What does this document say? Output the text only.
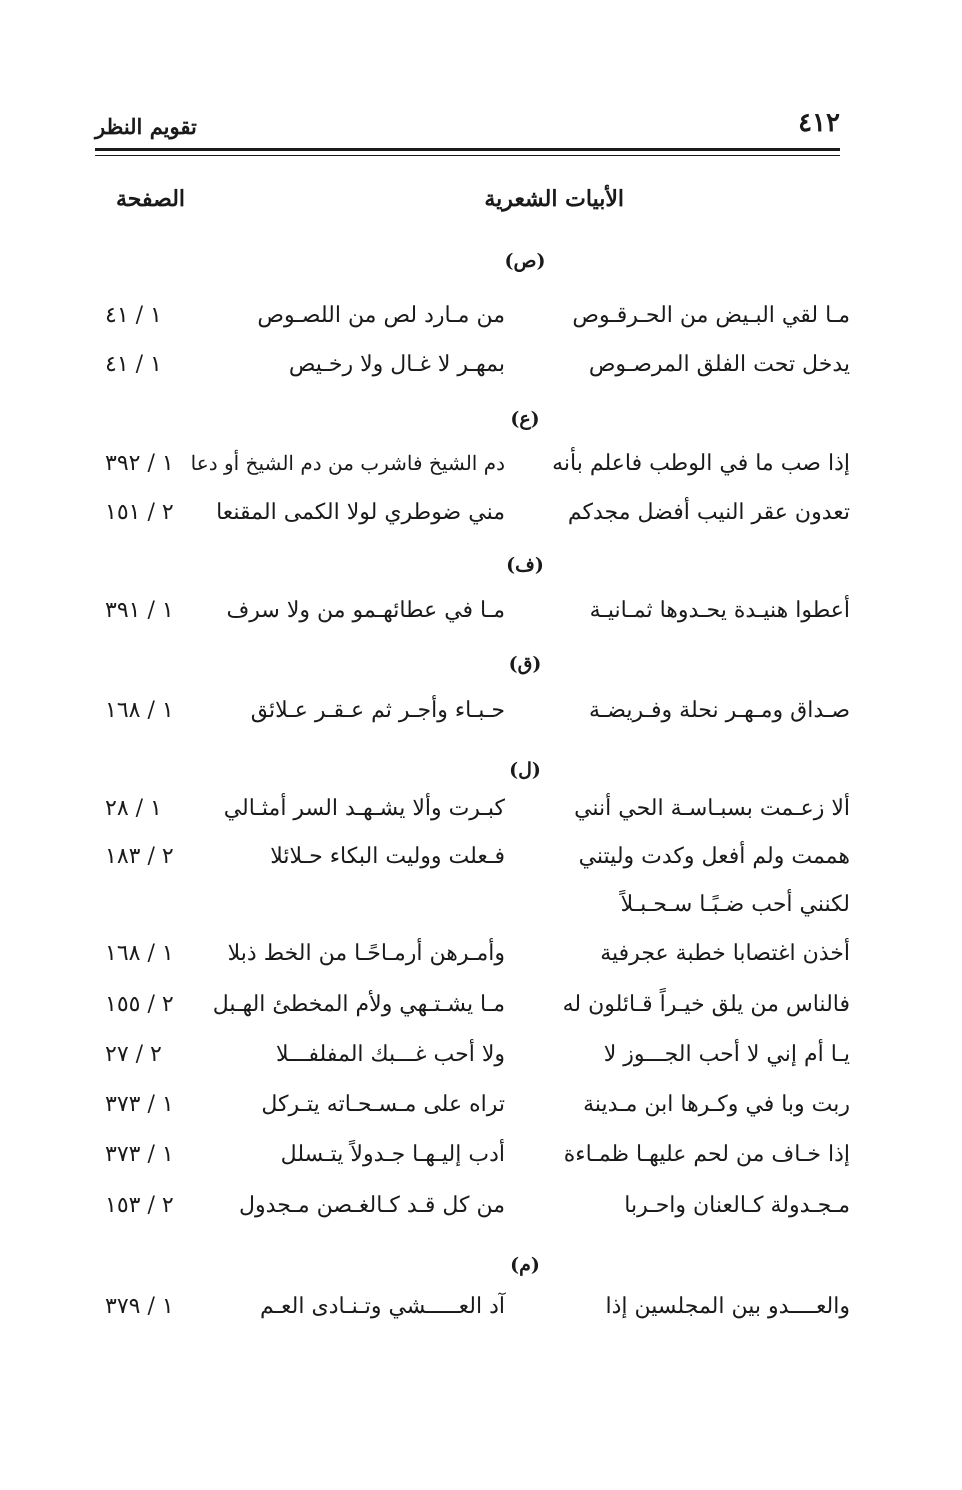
٤١٢
تقويم النظر
الأبيات الشعرية
الصفحة
(ص)
مـا لقي البـيض من الحـرقـوص
من مـارد لص من اللصـوص
١ / ٤١
يدخل تحت الفلق المرصـوص
بمهـر لا غـال ولا رخـيص
١ / ٤١
(ع)
إذا صب ما في الوطب فاعلم بأنه
دم الشيخ فاشرب من دم الشيخ أو دعا
١ / ٣٩٢
تعدون عقر النيب أفضل مجدكم
مني ضوطري لولا الكمى المقنعا
٢ / ١٥١
(ف)
أعطوا هنيـدة يحـدوها ثمـانيـة
مـا في عطائهـمو من ولا سرف
١ / ٣٩١
(ق)
صـداق ومـهـر نحلة وفـريضـة
حـبـاء وأجـر ثم عـقـر عـلائق
١ / ١٦٨
(ل)
ألا زعـمت بسبـاسـة الحي أنني
كبـرت وألا يشـهـد السر أمثـالي
١ / ٢٨
هممت ولم أفعل وكدت وليتني
فـعلت ووليت البكاء حـلائلا
٢ / ١٨٣
لكنني أحب ضـبًـا سـحـبـلاً
أخذن اغتصابا خطبة عجرفية
وأمـرهن أرمـاحًـا من الخط ذبلا
١ / ١٦٨
فالناس من يلق خيـراً قـائلون له
مـا يشـتـهي ولأم المخطئ الهـبل
٢ / ١٥٥
يـا أم إني لا أحب الجـــوز لا
ولا أحب غـــبك المفلفـــلا
٢ / ٢٧
ربت وبا في وكـرها ابن مـدينة
تراه على مـسـحـاته يتـركل
١ / ٣٧٣
إذا خـاف من لحم عليهـا ظمـاءة
أدب إليـهـا جـدولاً يتـسلل
١ / ٣٧٣
مـجـدولة كـالعنان واحـربا
من كل قـد كـالغـصن مـجدول
٢ / ١٥٣
(م)
والعــــدو بين المجلسين إذا
آد العـــــشي وتـنـادى العـم
١ / ٣٧٩
